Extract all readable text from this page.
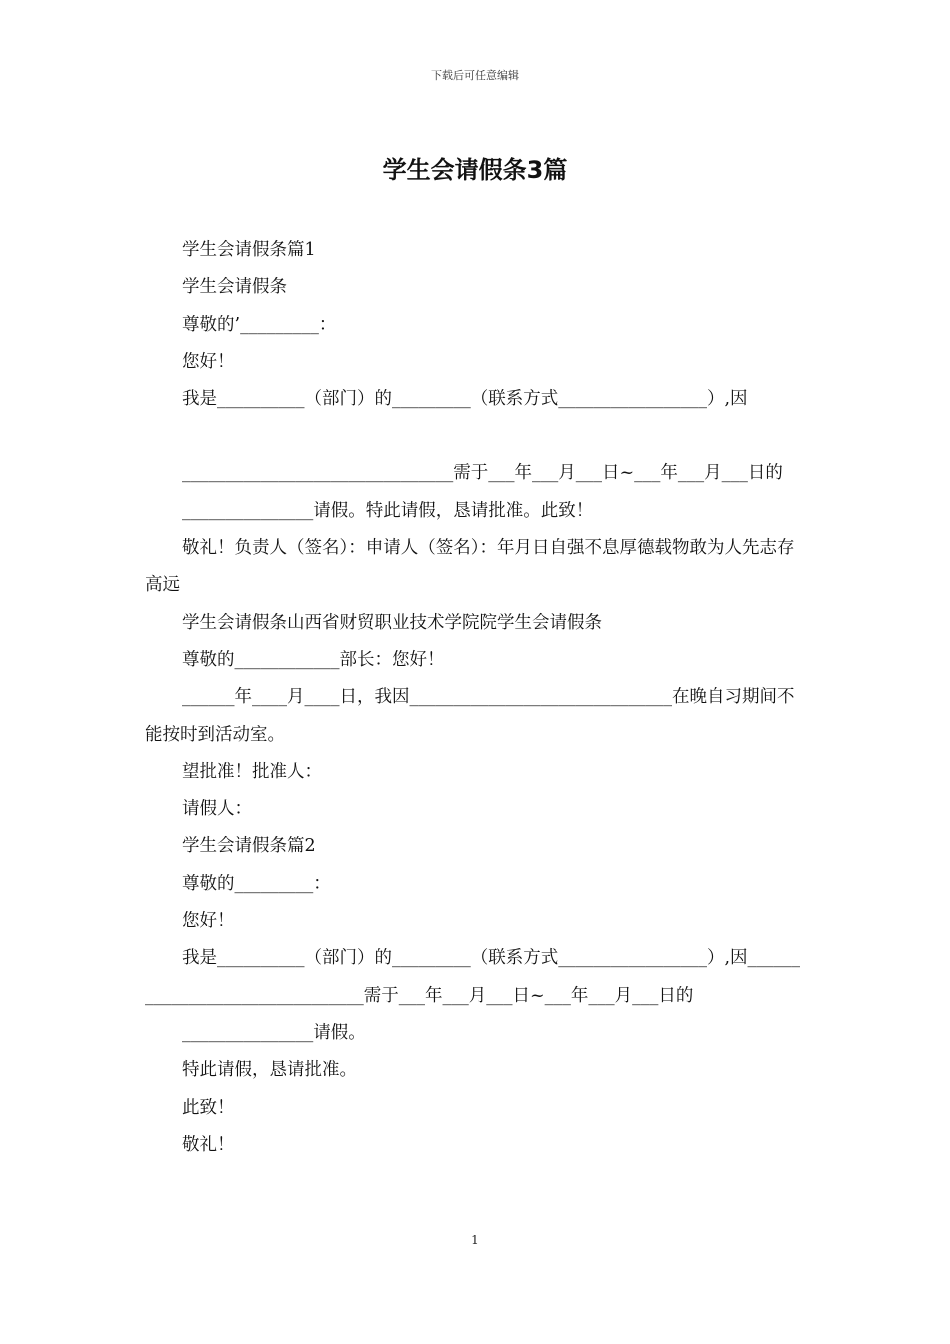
下载后可任意编辑
学生会请假条3篇

学生会请假条篇1

学生会请假条

尊敬的’_________：

您好！

我是__________（部门）的_________（联系方式_________________）,因

_______________________________需于___年___月___日~___年___月___日的

_______________请假。特此请假，恳请批准。此致！

敬礼！负责人（签名）：申请人（签名）：年月日自强不息厚德载物敢为人先志存高远

学生会请假条山西省财贸职业技术学院院学生会请假条

尊敬的____________部长：您好！

______年____月____日，我因______________________________在晚自习期间不能按时到活动室。

望批准！批准人：

请假人：

学生会请假条篇2

尊敬的_________：

您好！

我是__________（部门）的_________（联系方式_________________）,因_______________________________需于___年___月___日~___年___月___日的

_______________请假。

特此请假，恳请批准。

此致！

敬礼！

1
